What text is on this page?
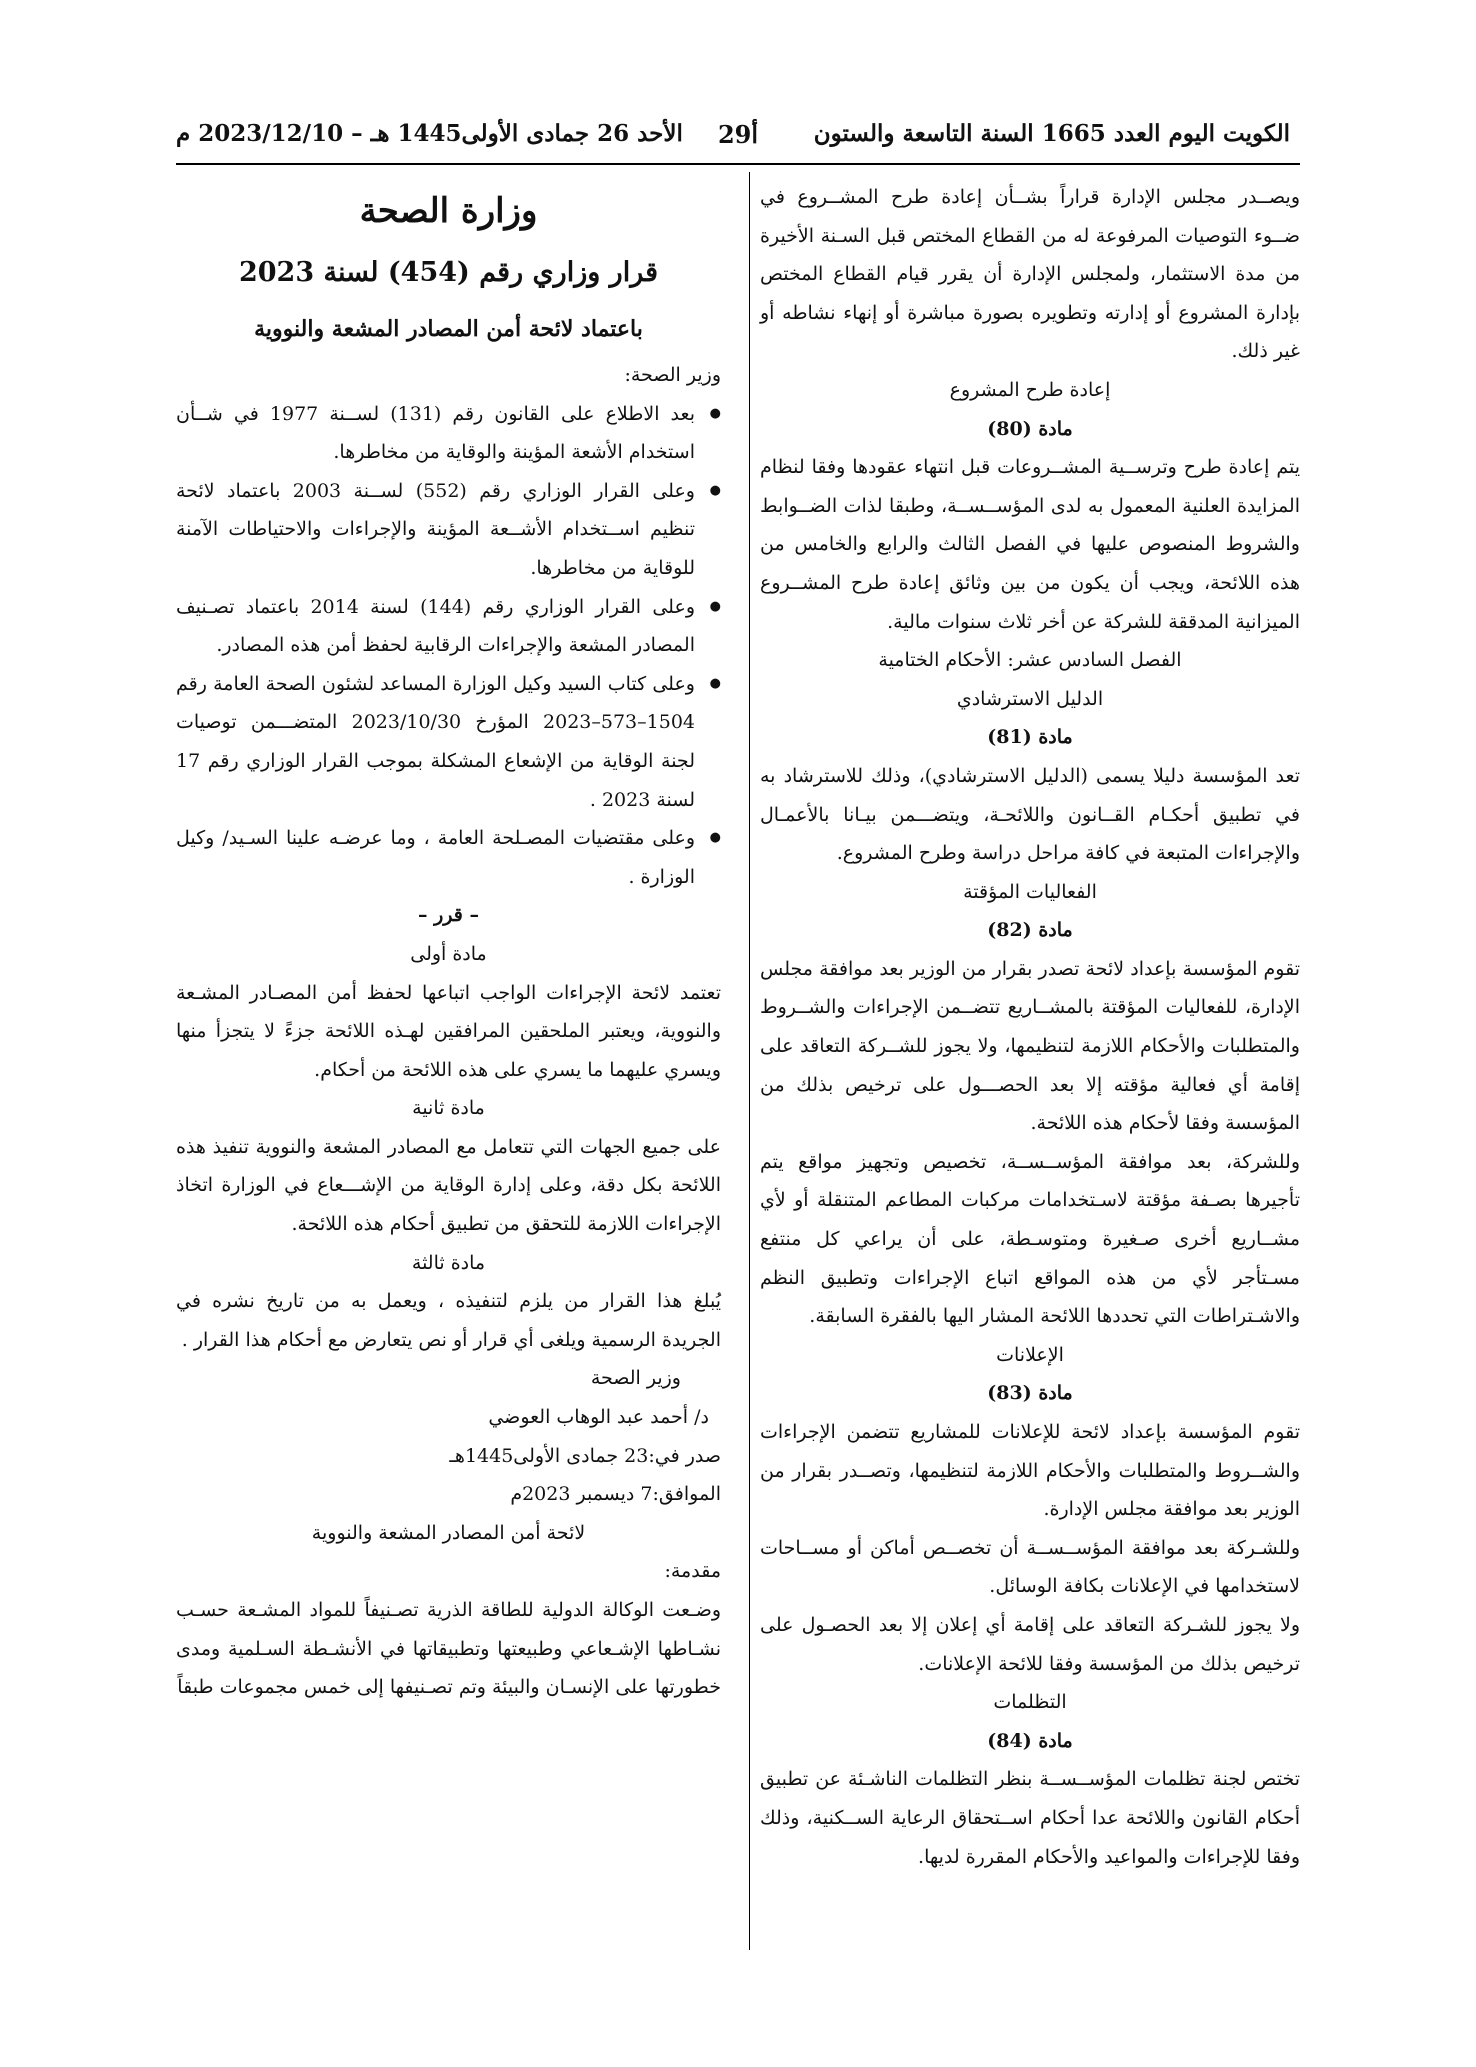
الكويت اليوم العدد 1665 السنة التاسعة والستون
29أ
الأحد 26 جمادى الأولى1445 هـ – 2023/12/10 م

ويصــدر مجلس الإدارة قراراً بشــأن إعادة طرح المشــروع في ضــوء التوصيات المرفوعة له من القطاع المختص قبل السـنة الأخيرة من مدة الاستثمار، ولمجلس الإدارة أن يقرر قيام القطاع المختص بإدارة المشروع أو إدارته وتطويره بصورة مباشرة أو إنهاء نشاطه أو غير ذلك.

إعادة طرح المشروع

مادة (80)

يتم إعادة طرح وترســية المشــروعات قبل انتهاء عقودها وفقا لنظام المزايدة العلنية المعمول به لدى المؤســســة، وطبقا لذات الضــوابط والشروط المنصوص عليها في الفصل الثالث والرابع والخامس من هذه اللائحة، ويجب أن يكون من بين وثائق إعادة طرح المشــروع الميزانية المدققة للشركة عن أخر ثلاث سنوات مالية.

الفصل السادس عشر: الأحكام الختامية

الدليل الاسترشادي

مادة (81)

تعد المؤسسة دليلا يسمى (الدليل الاسترشادي)، وذلك للاسترشاد به في تطبيق أحكـام القــانون واللائحـة، ويتضـــمن بيـانا بالأعمـال والإجراءات المتبعة في كافة مراحل دراسة وطرح المشروع.

الفعاليات المؤقتة

مادة (82)

تقوم المؤسسة بإعداد لائحة تصدر بقرار من الوزير بعد موافقة مجلس الإدارة، للفعاليات المؤقتة بالمشــاريع تتضــمن الإجراءات والشــروط والمتطلبات والأحكام اللازمة لتنظيمها، ولا يجوز للشــركة التعاقد على إقامة أي فعالية مؤقته إلا بعد الحصـــول على ترخيص بذلك من المؤسسة وفقا لأحكام هذه اللائحة.

وللشركة، بعد موافقة المؤســســة، تخصيص وتجهيز مواقع يتم تأجيرها بصـفة مؤقتة لاسـتخدامات مركبات المطاعم المتنقلة أو لأي مشــاريع أخرى صـغيرة ومتوسـطة، على أن يراعي كل منتفع مسـتأجر لأي من هذه المواقع اتباع الإجراءات وتطبيق النظم والاشـتراطات التي تحددها اللائحة المشار اليها بالفقرة السابقة.

الإعلانات

مادة (83)

تقوم المؤسسة بإعداد لائحة للإعلانات للمشاريع تتضمن الإجراءات والشــروط والمتطلبات والأحكام اللازمة لتنظيمها، وتصــدر بقرار من الوزير بعد موافقة مجلس الإدارة.

وللشـركة بعد موافقة المؤســســة أن تخصــص أماكن أو مســاحات لاستخدامها في الإعلانات بكافة الوسائل.

ولا يجوز للشـركة التعاقد على إقامة أي إعلان إلا بعد الحصـول على ترخيص بذلك من المؤسسة وفقا للائحة الإعلانات.

التظلمات

مادة (84)

تختص لجنة تظلمات المؤســســة بنظر التظلمات الناشـئة عن تطبيق أحكام القانون واللائحة عدا أحكام اســتحقاق الرعاية الســكنية، وذلك وفقا للإجراءات والمواعيد والأحكام المقررة لديها.

وزارة الصحة
قرار وزاري رقم (454) لسنة 2023
باعتماد لائحة أمن المصادر المشعة والنووية

وزير الصحة:

● بعد الاطلاع على القانون رقم (131) لســنة 1977 في شــأن استخدام الأشعة المؤينة والوقاية من مخاطرها.
● وعلى القرار الوزاري رقم (552) لســنة 2003 باعتماد لائحة تنظيم اســتخدام الأشــعة المؤينة والإجراءات والاحتياطات الآمنة للوقاية من مخاطرها.
● وعلى القرار الوزاري رقم (144) لسنة 2014 باعتماد تصـنيف المصادر المشعة والإجراءات الرقابية لحفظ أمن هذه المصادر.
● وعلى كتاب السيد وكيل الوزارة المساعد لشئون الصحة العامة رقم 1504–573–2023 المؤرخ 2023/10/30 المتضـــمن توصيات لجنة الوقاية من الإشعاع المشكلة بموجب القرار الوزاري رقم 17 لسنة 2023 .
● وعلى مقتضيات المصـلحة العامة ، وما عرضـه علينا السـيد/ وكيل الوزارة .

– قرر –

مادة أولى

تعتمد لائحة الإجراءات الواجب اتباعها لحفظ أمن المصـادر المشـعة والنووية، ويعتبر الملحقين المرافقين لهـذه اللائحة جزءً لا يتجزأ منها ويسري عليهما ما يسري على هذه اللائحة من أحكام.

مادة ثانية

على جميع الجهات التي تتعامل مع المصادر المشعة والنووية تنفيذ هذه اللائحة بكل دقة، وعلى إدارة الوقاية من الإشـــعاع في الوزارة اتخاذ الإجراءات اللازمة للتحقق من تطبيق أحكام هذه اللائحة.

مادة ثالثة

يُبلغ هذا القرار من يلزم لتنفيذه ، ويعمل به من تاريخ نشره في الجريدة الرسمية ويلغى أي قرار أو نص يتعارض مع أحكام هذا القرار .

وزير الصحة

د/ أحمد عبد الوهاب العوضي

صدر في:23 جمادى الأولى1445هـ

الموافق:7 ديسمبر 2023م

لائحة أمن المصادر المشعة والنووية

مقدمة:

وضـعت الوكالة الدولية للطاقة الذرية تصـنيفاً للمواد المشـعة حسـب نشـاطها الإشـعاعي وطبيعتها وتطبيقاتها في الأنشـطة السـلمية ومدى خطورتها على الإنسـان والبيئة وتم تصـنيفها إلى خمس مجموعات طبقاً
